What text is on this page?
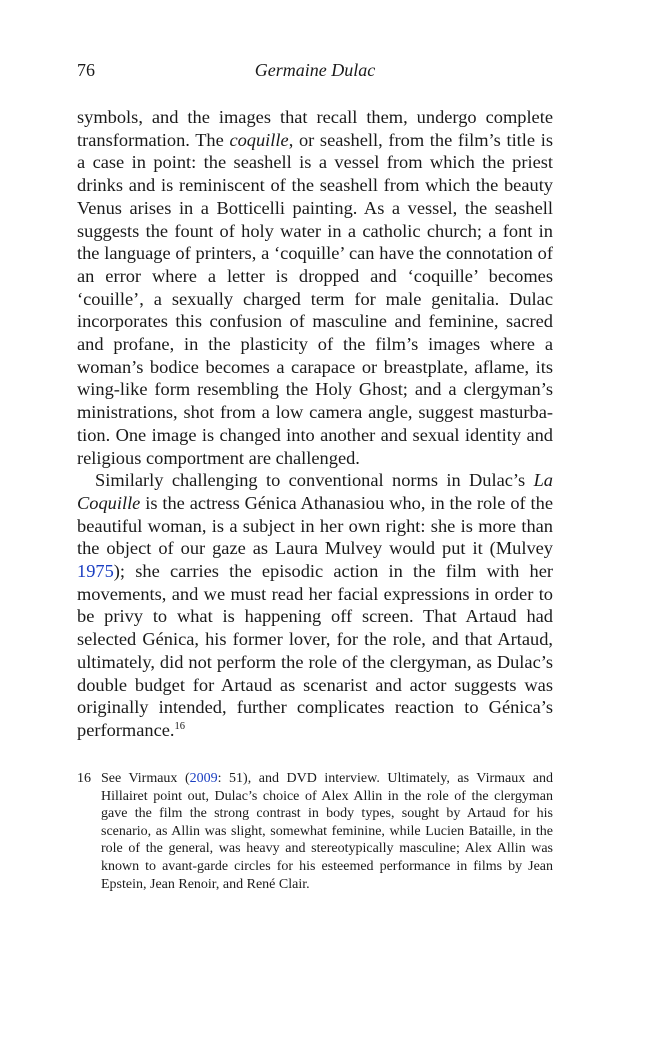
76	Germaine Dulac

symbols, and the images that recall them, undergo complete transformation. The coquille, or seashell, from the film’s title is a case in point: the seashell is a vessel from which the priest drinks and is reminiscent of the seashell from which the beauty Venus arises in a Botticelli painting. As a vessel, the seashell suggests the fount of holy water in a catholic church; a font in the language of printers, a ‘coquille’ can have the connotation of an error where a letter is dropped and ‘coquille’ becomes ‘couille’, a sexually charged term for male genitalia. Dulac incorporates this confusion of masculine and feminine, sacred and profane, in the plasticity of the film’s images where a woman’s bodice becomes a carapace or breastplate, aflame, its wing-like form resembling the Holy Ghost; and a clergyman’s ministrations, shot from a low camera angle, suggest masturbation. One image is changed into another and sexual identity and religious comportment are challenged.

Similarly challenging to conventional norms in Dulac’s La Coquille is the actress Génica Athanasiou who, in the role of the beautiful woman, is a subject in her own right: she is more than the object of our gaze as Laura Mulvey would put it (Mulvey 1975); she carries the episodic action in the film with her movements, and we must read her facial expressions in order to be privy to what is happening off screen. That Artaud had selected Génica, his former lover, for the role, and that Artaud, ultimately, did not perform the role of the clergyman, as Dulac’s double budget for Artaud as scenarist and actor suggests was originally intended, further complicates reaction to Génica’s performance.$^{16}$

16 See Virmaux (2009: 51), and DVD interview. Ultimately, as Virmaux and Hillairet point out, Dulac’s choice of Alex Allin in the role of the clergyman gave the film the strong contrast in body types, sought by Artaud for his scenario, as Allin was slight, somewhat feminine, while Lucien Bataille, in the role of the general, was heavy and stereotypically masculine; Alex Allin was known to avant-garde circles for his esteemed performance in films by Jean Epstein, Jean Renoir, and René Clair.
